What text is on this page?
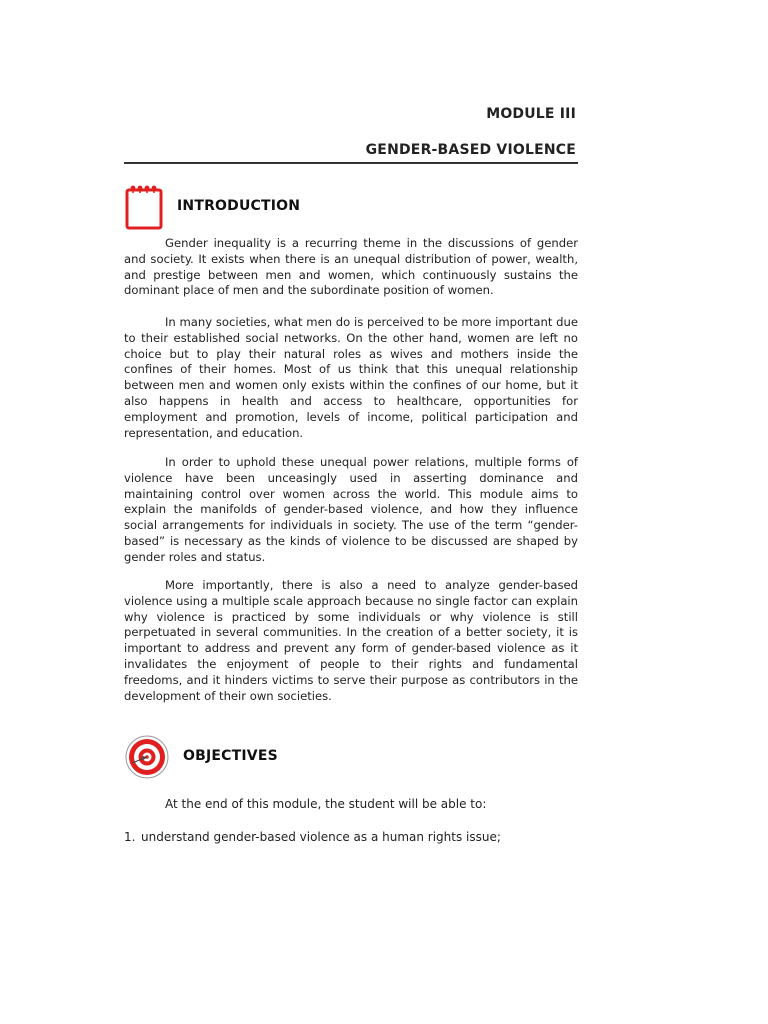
MODULE III
GENDER-BASED VIOLENCE
INTRODUCTION

Gender inequality is a recurring theme in the discussions of gender and society. It exists when there is an unequal distribution of power, wealth, and prestige between men and women, which continuously sustains the dominant place of men and the subordinate position of women.

In many societies, what men do is perceived to be more important due to their established social networks. On the other hand, women are left no choice but to play their natural roles as wives and mothers inside the confines of their homes. Most of us think that this unequal relationship between men and women only exists within the confines of our home, but it also happens in health and access to healthcare, opportunities for employment and promotion, levels of income, political participation and representation, and education.

In order to uphold these unequal power relations, multiple forms of violence have been unceasingly used in asserting dominance and maintaining control over women across the world. This module aims to explain the manifolds of gender-based violence, and how they influence social arrangements for individuals in society. The use of the term “gender-based” is necessary as the kinds of violence to be discussed are shaped by gender roles and status.

More importantly, there is also a need to analyze gender-based violence using a multiple scale approach because no single factor can explain why violence is practiced by some individuals or why violence is still perpetuated in several communities. In the creation of a better society, it is important to address and prevent any form of gender-based violence as it invalidates the enjoyment of people to their rights and fundamental freedoms, and it hinders victims to serve their purpose as contributors in the development of their own societies.

OBJECTIVES
At the end of this module, the student will be able to:
1. understand gender-based violence as a human rights issue;
